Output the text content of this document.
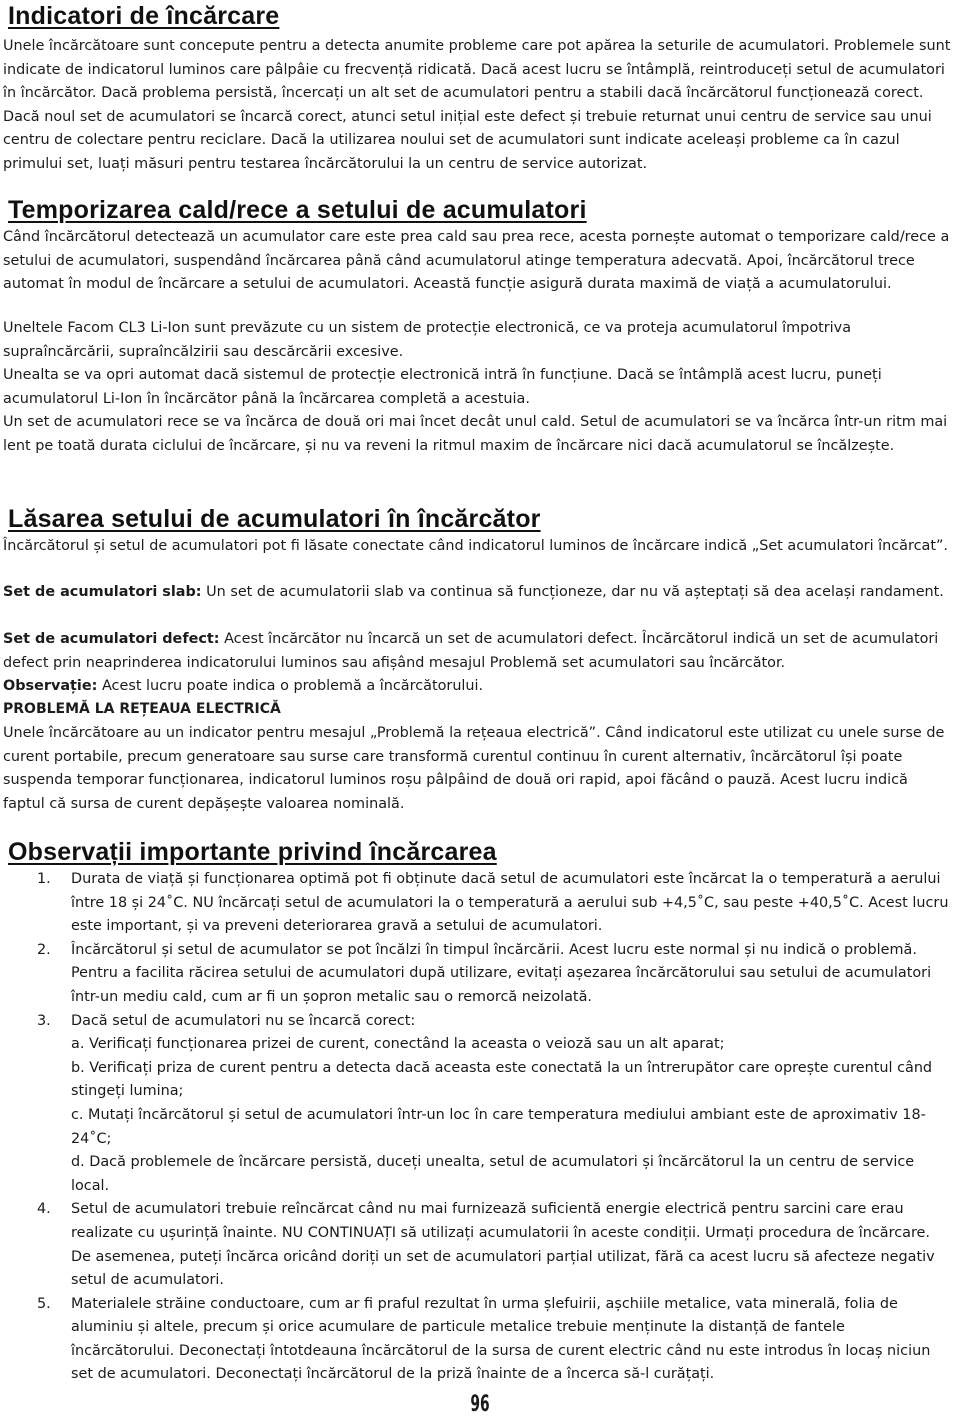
Indicatori de încărcare

Unele încărcătoare sunt concepute pentru a detecta anumite probleme care pot apărea la seturile de acumulatori. Problemele sunt indicate de indicatorul luminos care pâlpâie cu frecvență ridicată. Dacă acest lucru se întâmplă, reintroduceți setul de acumulatori în încărcător. Dacă problema persistă, încercați un alt set de acumulatori pentru a stabili dacă încărcătorul funcționează corect. Dacă noul set de acumulatori se încarcă corect, atunci setul inițial este defect și trebuie returnat unui centru de service sau unui centru de colectare pentru reciclare. Dacă la utilizarea noului set de acumulatori sunt indicate aceleași probleme ca în cazul primului set, luați măsuri pentru testarea încărcătorului la un centru de service autorizat.

Temporizarea cald/rece a setului de acumulatori

Când încărcătorul detectează un acumulator care este prea cald sau prea rece, acesta pornește automat o temporizare cald/rece a setului de acumulatori, suspendând încărcarea până când acumulatorul atinge temperatura adecvată. Apoi, încărcătorul trece automat în modul de încărcare a setului de acumulatori. Această funcție asigură durata maximă de viață a acumulatorului.

Uneltele Facom CL3 Li-Ion sunt prevăzute cu un sistem de protecție electronică, ce va proteja acumulatorul împotriva supraîncărcării, supraîncălzirii sau descărcării excesive.

Unealta se va opri automat dacă sistemul de protecție electronică intră în funcțiune. Dacă se întâmplă acest lucru, puneți acumulatorul Li-Ion în încărcător până la încărcarea completă a acestuia.

Un set de acumulatori rece se va încărca de două ori mai încet decât unul cald. Setul de acumulatori se va încărca într-un ritm mai lent pe toată durata ciclului de încărcare, și nu va reveni la ritmul maxim de încărcare nici dacă acumulatorul se încălzește.

Lăsarea setului de acumulatori în încărcător

Încărcătorul și setul de acumulatori pot fi lăsate conectate când indicatorul luminos de încărcare indică „Set acumulatori încărcat”.

Set de acumulatori slab: Un set de acumulatorii slab va continua să funcționeze, dar nu vă așteptați să dea același randament.

Set de acumulatori defect: Acest încărcător nu încarcă un set de acumulatori defect. Încărcătorul indică un set de acumulatori defect prin neaprinderea indicatorului luminos sau afișând mesajul Problemă set acumulatori sau încărcător.

Observație: Acest lucru poate indica o problemă a încărcătorului.

PROBLEMĂ LA REȚEAUA ELECTRICĂ

Unele încărcătoare au un indicator pentru mesajul „Problemă la rețeaua electrică”. Când indicatorul este utilizat cu unele surse de curent portabile, precum generatoare sau surse care transformă curentul continuu în curent alternativ, încărcătorul își poate suspenda temporar funcționarea, indicatorul luminos roșu pâlpâind de două ori rapid, apoi făcând o pauză. Acest lucru indică faptul că sursa de curent depășește valoarea nominală.

Observații importante privind încărcarea
1. Durata de viață și funcționarea optimă pot fi obținute dacă setul de acumulatori este încărcat la o temperatură a aerului între 18 și 24˚C. NU încărcați setul de acumulatori la o temperatură a aerului sub +4,5˚C, sau peste +40,5˚C. Acest lucru este important, și va preveni deteriorarea gravă a setului de acumulatori.
2. Încărcătorul și setul de acumulator se pot încălzi în timpul încărcării. Acest lucru este normal și nu indică o problemă. Pentru a facilita răcirea setului de acumulatori după utilizare, evitați așezarea încărcătorului sau setului de acumulatori într-un mediu cald, cum ar fi un șopron metalic sau o remorcă neizolată.
3. Dacă setul de acumulatori nu se încarcă corect:
a. Verificați funcționarea prizei de curent, conectând la aceasta o veioză sau un alt aparat;
b. Verificați priza de curent pentru a detecta dacă aceasta este conectată la un întrerupător care oprește curentul când stingeți lumina;
c. Mutați încărcătorul și setul de acumulatori într-un loc în care temperatura mediului ambiant este de aproximativ 18-24˚C;
d. Dacă problemele de încărcare persistă, duceți unealta, setul de acumulatori și încărcătorul la un centru de service local.
4. Setul de acumulatori trebuie reîncărcat când nu mai furnizează suficientă energie electrică pentru sarcini care erau realizate cu ușurință înainte. NU CONTINUAȚI să utilizați acumulatorii în aceste condiții. Urmați procedura de încărcare. De asemenea, puteți încărca oricând doriți un set de acumulatori parțial utilizat, fără ca acest lucru să afecteze negativ setul de acumulatori.
5. Materialele străine conductoare, cum ar fi praful rezultat în urma șlefuirii, așchiile metalice, vata minerală, folia de aluminiu și altele, precum și orice acumulare de particule metalice trebuie menținute la distanță de fantele încărcătorului. Deconectați întotdeauna încărcătorul de la sursa de curent electric când nu este introdus în locaș niciun set de acumulatori. Deconectați încărcătorul de la priză înainte de a încerca să-l curățați.
96
